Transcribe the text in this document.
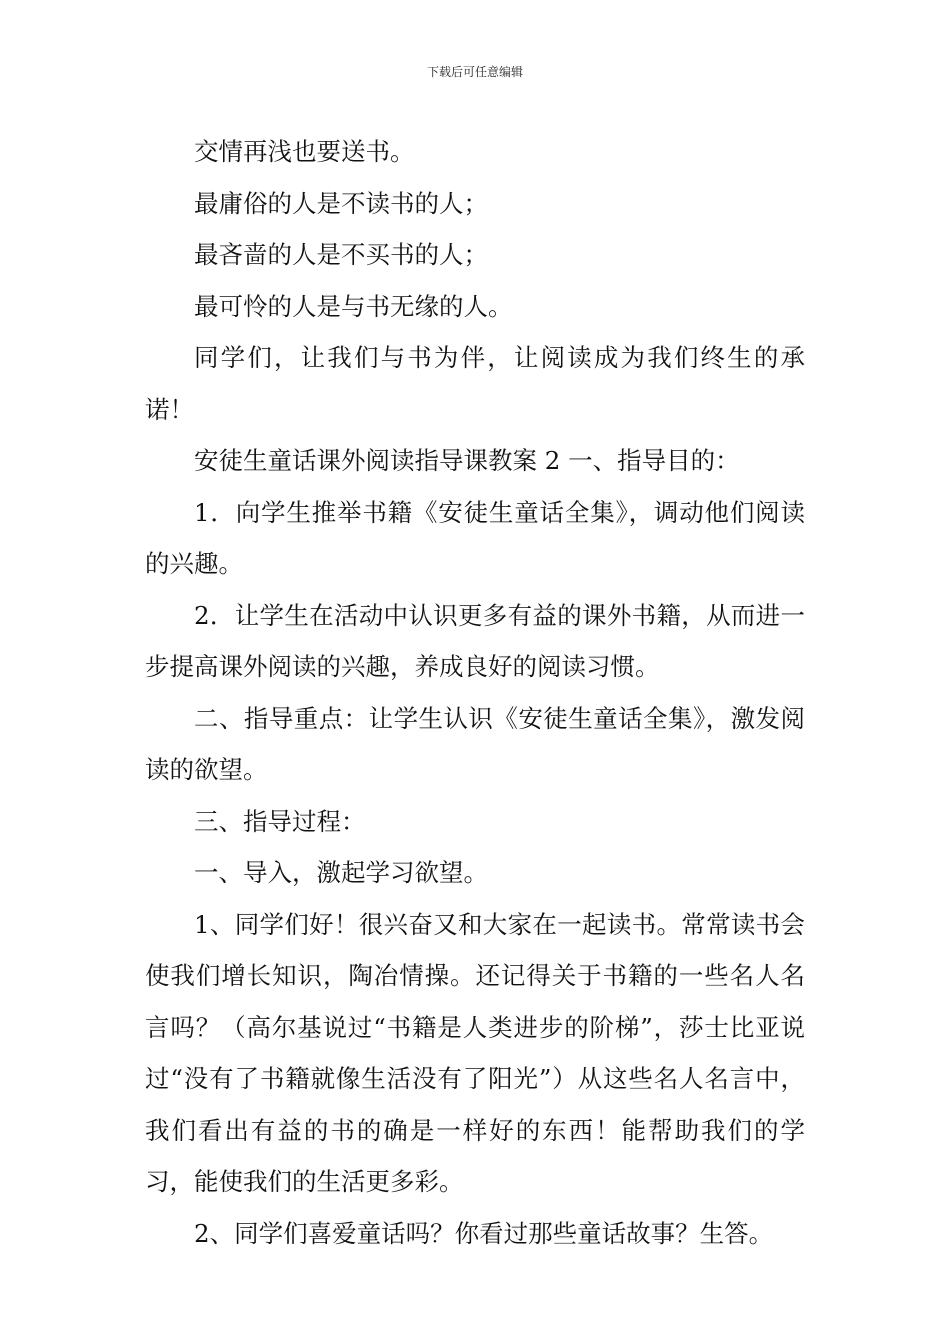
下载后可任意编辑

交情再浅也要送书。

最庸俗的人是不读书的人；

最吝啬的人是不买书的人；

最可怜的人是与书无缘的人。

同学们，让我们与书为伴，让阅读成为我们终生的承诺！

安徒生童话课外阅读指导课教案 2 一、指导目的：

1．向学生推举书籍《安徒生童话全集》，调动他们阅读的兴趣。

2．让学生在活动中认识更多有益的课外书籍，从而进一步提高课外阅读的兴趣，养成良好的阅读习惯。

二、指导重点：让学生认识《安徒生童话全集》，激发阅读的欲望。

三、指导过程：

一、导入，激起学习欲望。

1、同学们好！很兴奋又和大家在一起读书。常常读书会使我们增长知识，陶冶情操。还记得关于书籍的一些名人名言吗？（高尔基说过“书籍是人类进步的阶梯”，莎士比亚说过“没有了书籍就像生活没有了阳光”）从这些名人名言中，我们看出有益的书的确是一样好的东西！能帮助我们的学习，能使我们的生活更多彩。

2、同学们喜爱童话吗？你看过那些童话故事？生答。
